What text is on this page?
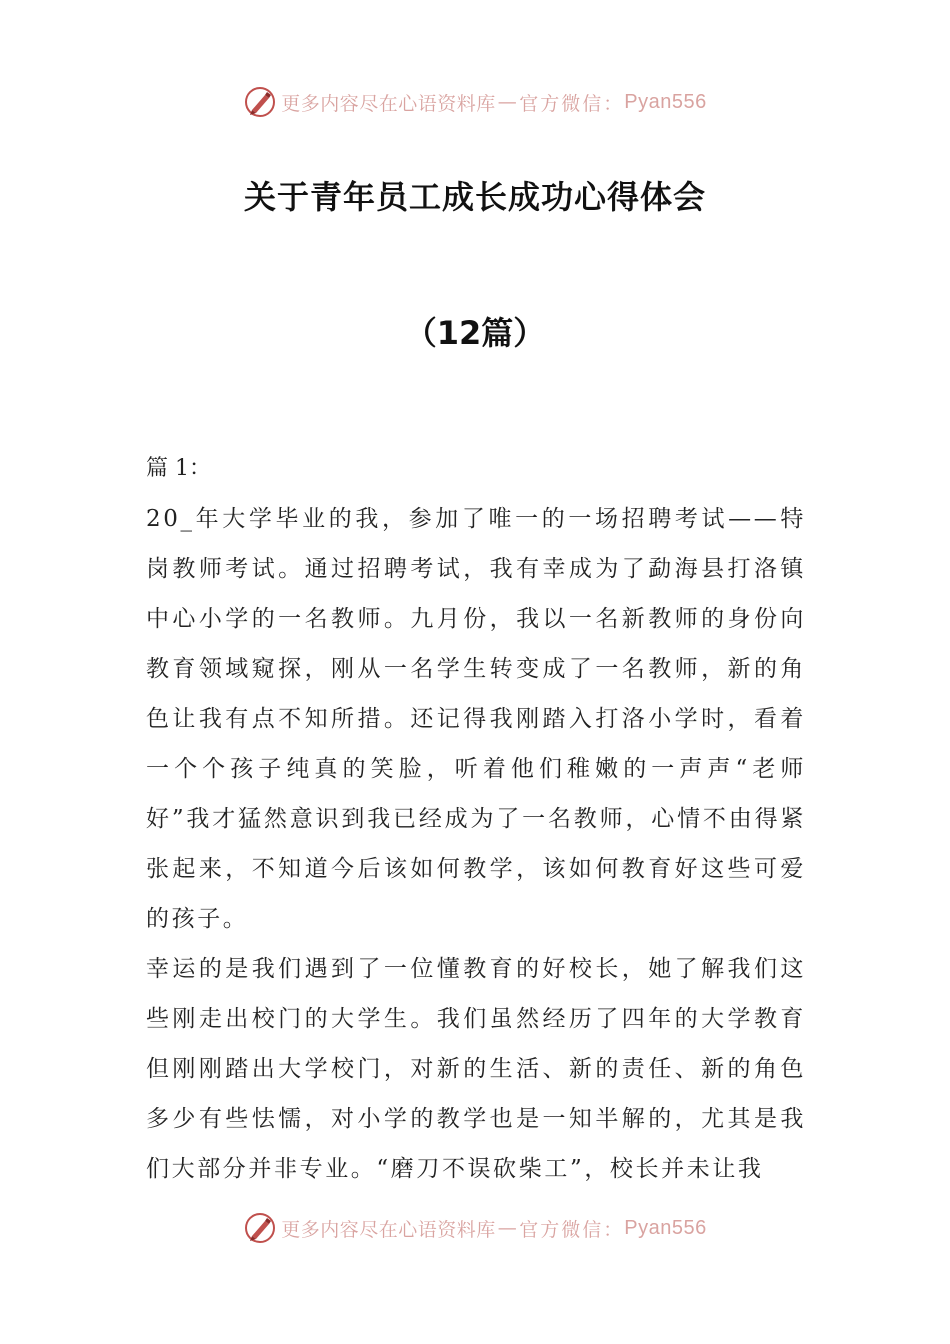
更多内容尽在心语资料库 — 官方微信： Pyan556
关于青年员工成长成功心得体会
（12篇）
篇 1：

20_年大学毕业的我，参加了唯一的一场招聘考试——特岗教师考试。通过招聘考试，我有幸成为了勐海县打洛镇中心小学的一名教师。九月份，我以一名新教师的身份向教育领域窥探，刚从一名学生转变成了一名教师，新的角色让我有点不知所措。还记得我刚踏入打洛小学时，看着一个个孩子纯真的笑脸，听着他们稚嫩的一声声“老师好”我才猛然意识到我已经成为了一名教师，心情不由得紧张起来，不知道今后该如何教学，该如何教育好这些可爱的孩子。

幸运的是我们遇到了一位懂教育的好校长，她了解我们这些刚走出校门的大学生。我们虽然经历了四年的大学教育但刚刚踏出大学校门，对新的生活、新的责任、新的角色多少有些怯懦，对小学的教学也是一知半解的，尤其是我们大部分并非专业。“磨刀不误砍柴工”，校长并未让我

更多内容尽在心语资料库 — 官方微信： Pyan556
